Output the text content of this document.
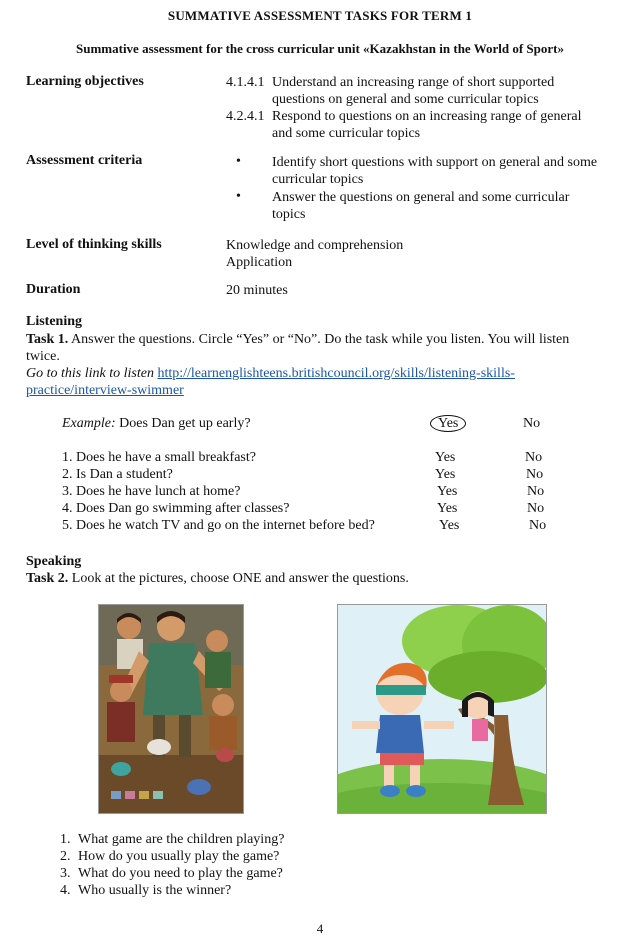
SUMMATIVE ASSESSMENT TASKS FOR TERM 1
Summative assessment for the cross curricular unit «Kazakhstan in the World of Sport»
Learning objectives	4.1.4.1 Understand an increasing range of short supported
questions on general and some curricular topics
4.2.4.1 Respond to questions on an increasing range of general
and some curricular topics
Assessment criteria	• Identify short questions with support on general and some
curricular topics
• Answer the questions on general and some curricular
topics
Level of thinking skills	Knowledge and comprehension
Application
Duration	20 minutes
Listening
Task 1. Answer the questions. Circle “Yes” or “No”. Do the task while you listen. You will listen
twice.
Go to this link to listen http://learnenglishteens.britishcouncil.org/skills/listening-skills-
practice/interview-swimmer
Example: Does Dan get up early?	Yes	No
1. Does he have a small breakfast?	Yes	No
2. Is Dan a student?	Yes	No
3. Does he have lunch at home?	Yes	No
4. Does Dan go swimming after classes?	Yes	No
5. Does he watch TV and go on the internet before bed?	Yes	No
Speaking
Task 2. Look at the pictures, choose ONE and answer the questions.
1. What game are the children playing?
2. How do you usually play the game?
3. What do you need to play the game?
4. Who usually is the winner?
4
